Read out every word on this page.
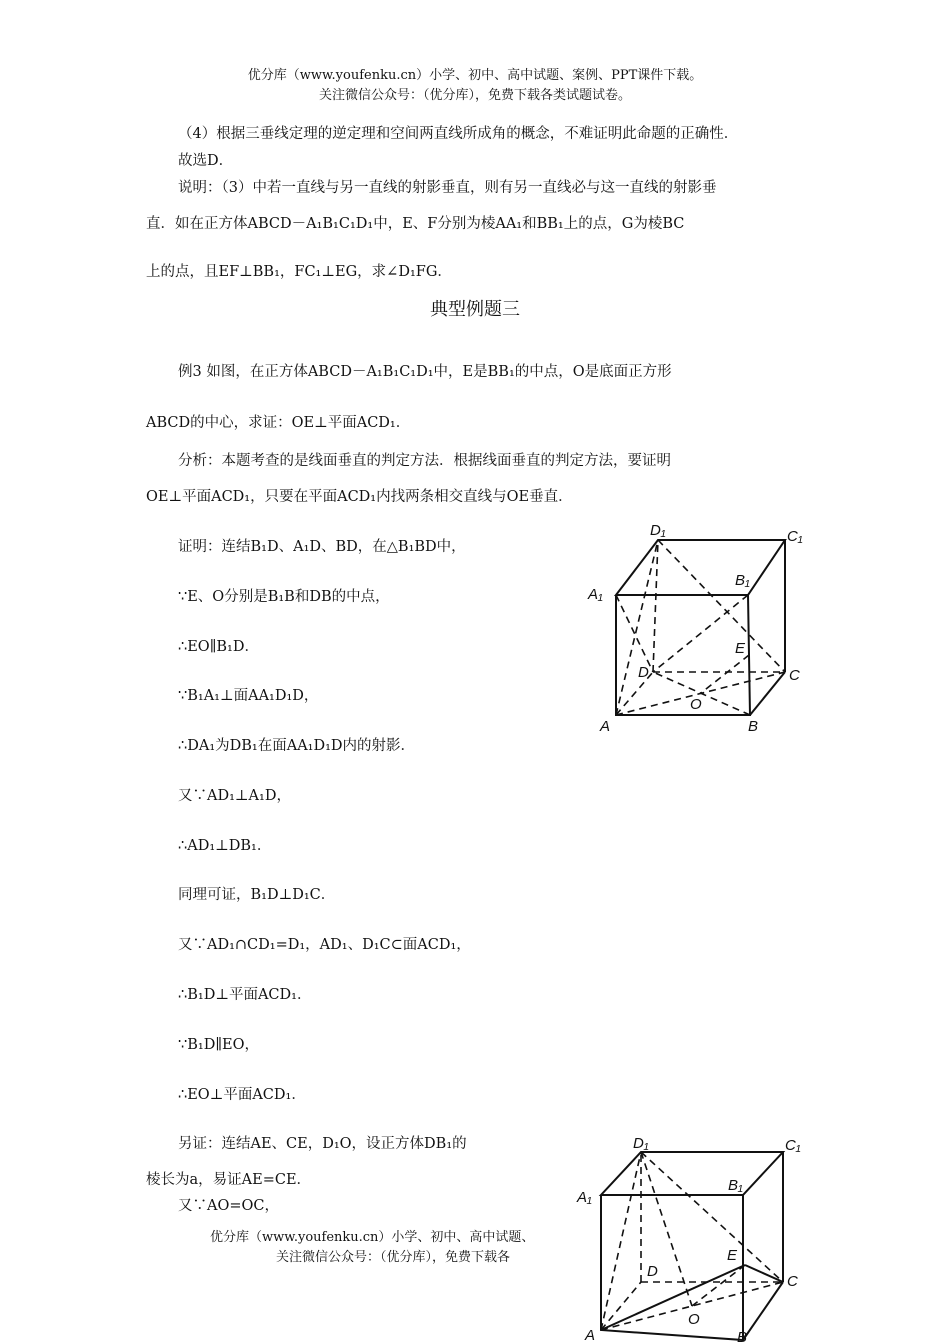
优分库（www.youfenku.cn）小学、初中、高中试题、案例、PPT课件下载。
关注微信公众号：（优分库），免费下载各类试题试卷。
（4）根据三垂线定理的逆定理和空间两直线所成角的概念，不难证明此命题的正确性．
故选D．
说明：（3）中若一直线与另一直线的射影垂直，则有另一直线必与这一直线的射影垂
直．如在正方体ABCD－A₁B₁C₁D₁中，E、F分别为棱AA₁和BB₁上的点，G为棱BC
上的点，且EF⊥BB₁，FC₁⊥EG，求∠D₁FG．
典型例题三
例3 如图，在正方体ABCD－A₁B₁C₁D₁中，E是BB₁的中点，O是底面正方形
ABCD的中心，求证：OE⊥平面ACD₁．
分析：本题考查的是线面垂直的判定方法．根据线面垂直的判定方法，要证明
OE⊥平面ACD₁，只要在平面ACD₁内找两条相交直线与OE垂直．
证明：连结B₁D、A₁D、BD，在△B₁BD中，
∵E、O分别是B₁B和DB的中点，
∴EO∥B₁D．
∵B₁A₁⊥面AA₁D₁D，
∴DA₁为DB₁在面AA₁D₁D内的射影．
又∵AD₁⊥A₁D，
∴AD₁⊥DB₁．
同理可证，B₁D⊥D₁C．
又∵AD₁∩CD₁=D₁，AD₁、D₁C⊂面ACD₁，
∴B₁D⊥平面ACD₁．
∵B₁D∥EO，
∴EO⊥平面ACD₁．
另证：连结AE、CE，D₁O，设正方体DB₁的
棱长为a，易证AE=CE．
又∵AO=OC，
优分库（www.youfenku.cn）小学、初中、高中试题、
关注微信公众号：（优分库），免费下载各
D₁	C₁
A₁
B₁
D	C
E
O
A	B
D₁	C₁
A₁
B₁
D
C
E
O
A	B
